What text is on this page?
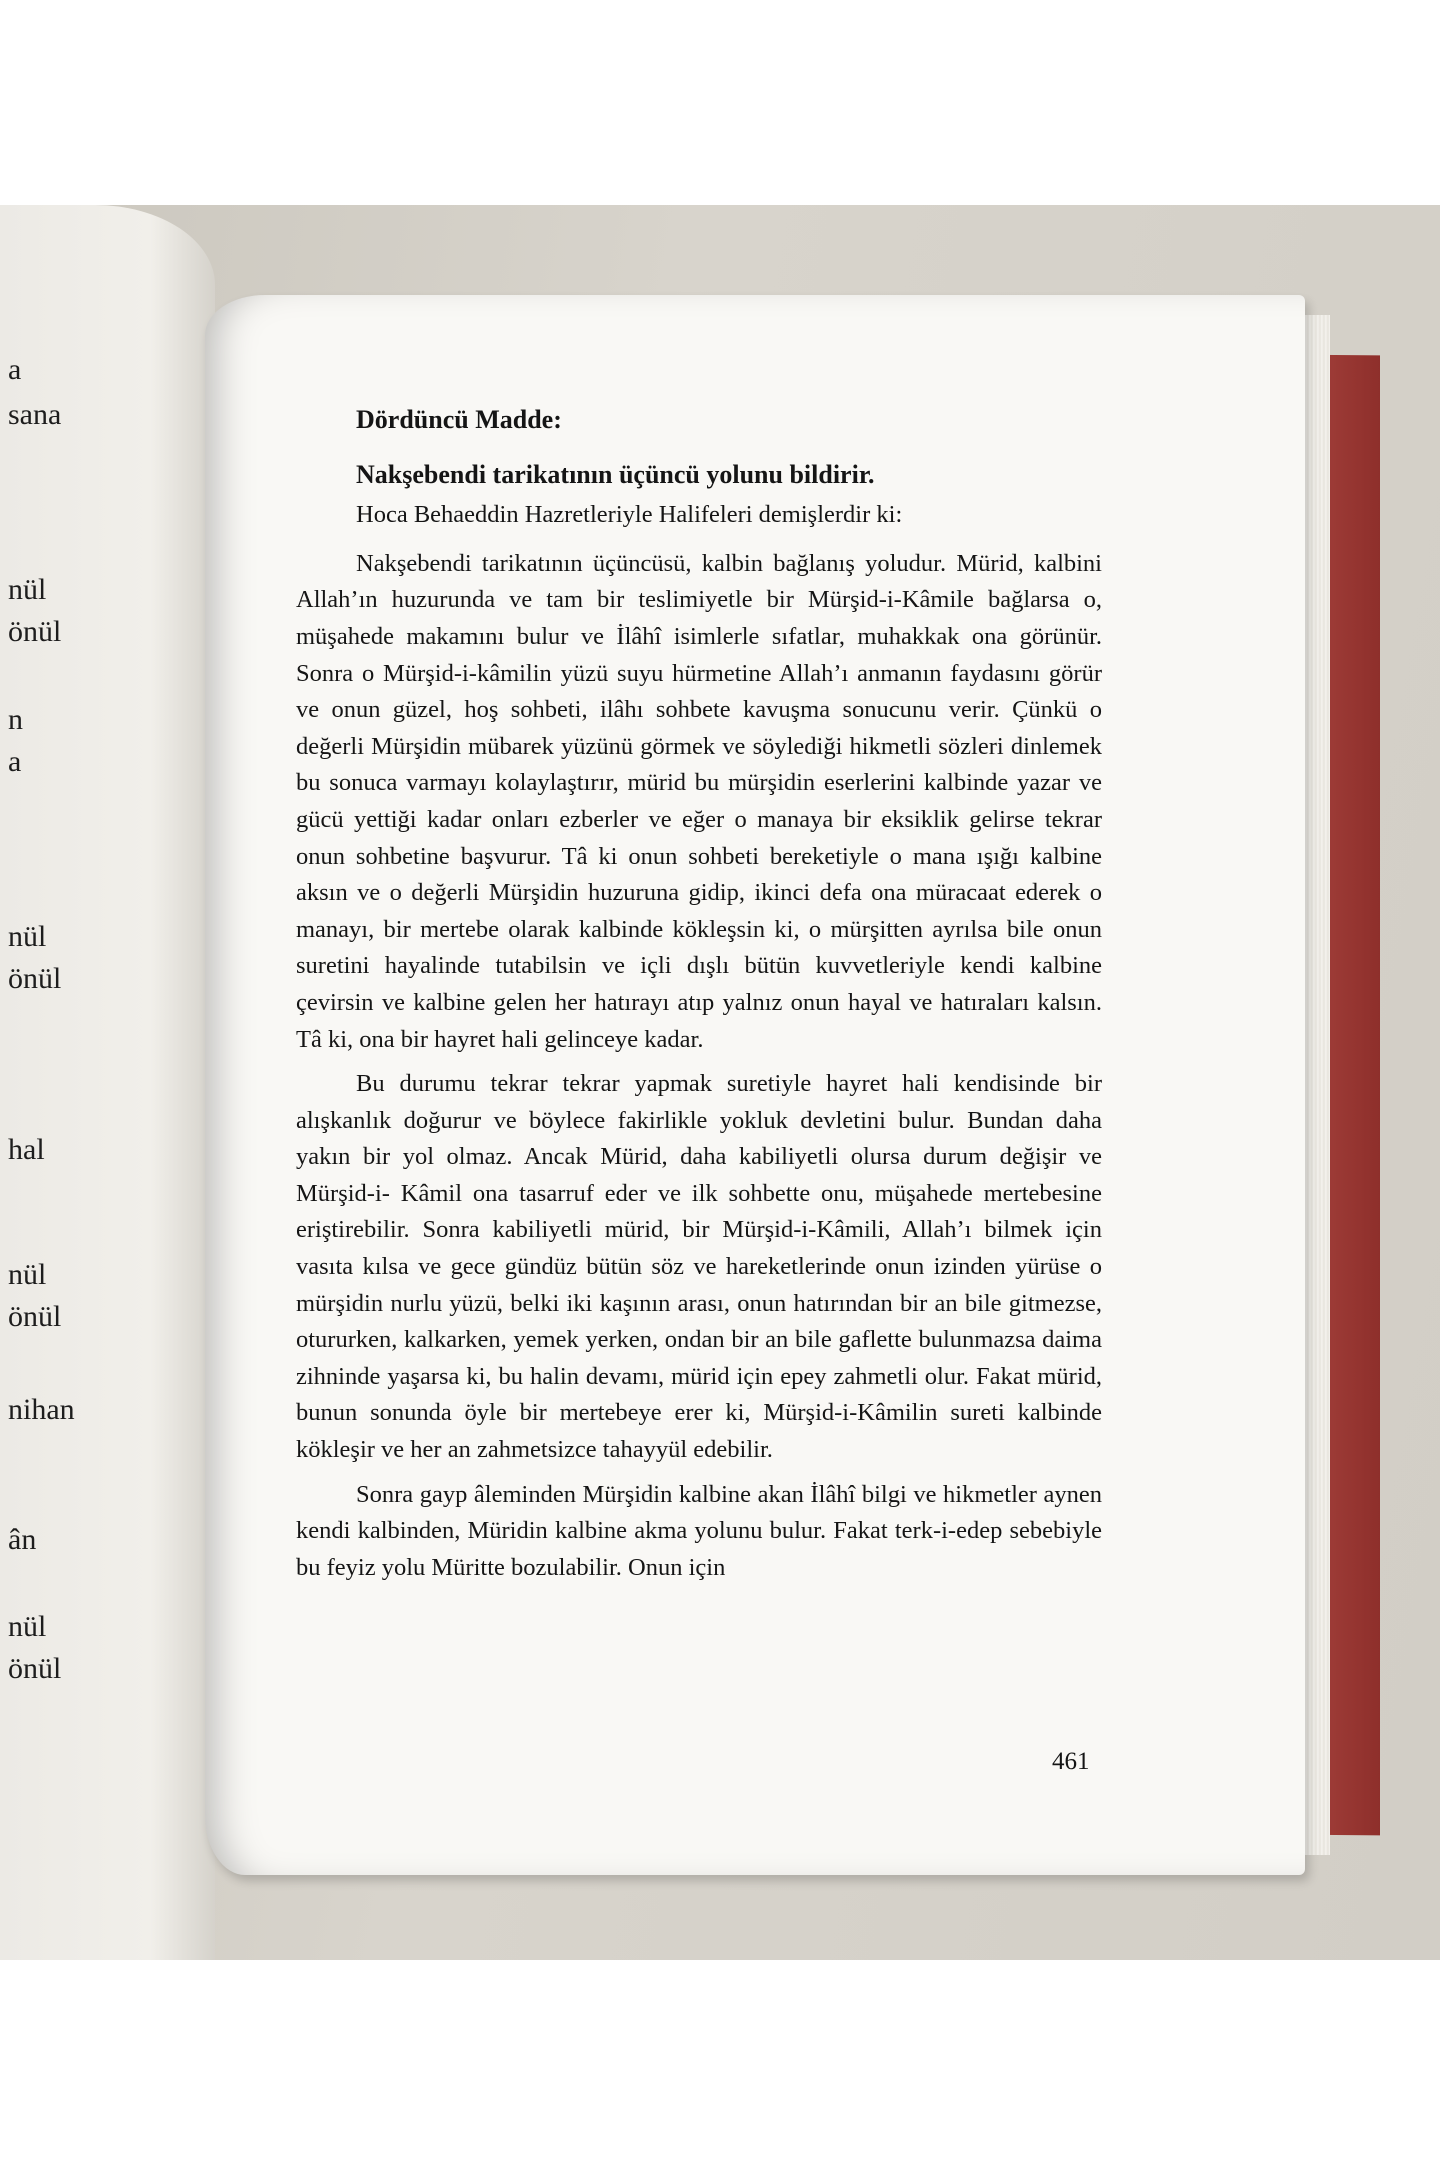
a
sana
nül
önül
n
a
nül
önül
hal
nül
önül
nihan
ân
nül
önül
Dördüncü Madde:
Nakşebendi tarikatının üçüncü yolunu bildirir.
Hoca Behaeddin Hazretleriyle Halifeleri demişlerdir ki:

Nakşebendi tarikatının üçüncüsü, kalbin bağlanış yoludur. Mürid, kalbini Allah’ın huzurunda ve tam bir teslimiyetle bir Mürşid-i-Kâmile bağlarsa o, müşahede makamını bulur ve İlâhî isimlerle sıfatlar, muhakkak ona görünür. Sonra o Mürşid-i-kâmilin yüzü suyu hürmetine Allah’ı anmanın faydasını görür ve onun güzel, hoş sohbeti, ilâhı sohbete kavuşma sonucunu verir. Çünkü o değerli Mürşidin mübarek yüzünü görmek ve söylediği hikmetli sözleri dinlemek bu sonuca varmayı kolaylaştırır, mürid bu mürşidin eserlerini kalbinde yazar ve gücü yettiği kadar onları ezberler ve eğer o manaya bir eksiklik gelirse tekrar onun sohbetine başvurur. Tâ ki onun sohbeti bereketiyle o mana ışığı kalbine aksın ve o değerli Mürşidin huzuruna gidip, ikinci defa ona müracaat ederek o manayı, bir mertebe olarak kalbinde kökleşsin ki, o mürşitten ayrılsa bile onun suretini hayalinde tutabilsin ve içli dışlı bütün kuvvetleriyle kendi kalbine çevirsin ve kalbine gelen her hatırayı atıp yalnız onun hayal ve hatıraları kalsın. Tâ ki, ona bir hayret hali gelinceye kadar.

Bu durumu tekrar tekrar yapmak suretiyle hayret hali kendisinde bir alışkanlık doğurur ve böylece fakirlikle yokluk devletini bulur. Bundan daha yakın bir yol olmaz. Ancak Mürid, daha kabiliyetli olursa durum değişir ve Mürşid-i- Kâmil ona tasarruf eder ve ilk sohbette onu, müşahede mertebesine eriştirebilir. Sonra kabiliyetli mürid, bir Mürşid-i-Kâmili, Allah’ı bilmek için vasıta kılsa ve gece gündüz bütün söz ve hareketlerinde onun izinden yürüse o mürşidin nurlu yüzü, belki iki kaşının arası, onun hatırından bir an bile gitmezse, otururken, kalkarken, yemek yerken, ondan bir an bile gaflette bulunmazsa daima zihninde yaşarsa ki, bu halin devamı, mürid için epey zahmetli olur. Fakat mürid, bunun sonunda öyle bir mertebeye erer ki, Mürşid-i-Kâmilin sureti kalbinde kökleşir ve her an zahmetsizce tahayyül edebilir.

Sonra gayp âleminden Mürşidin kalbine akan İlâhî bilgi ve hikmetler aynen kendi kalbinden, Müridin kalbine akma yolunu bulur. Fakat terk-i-edep sebebiyle bu feyiz yolu Müritte bozulabilir. Onun için

461
